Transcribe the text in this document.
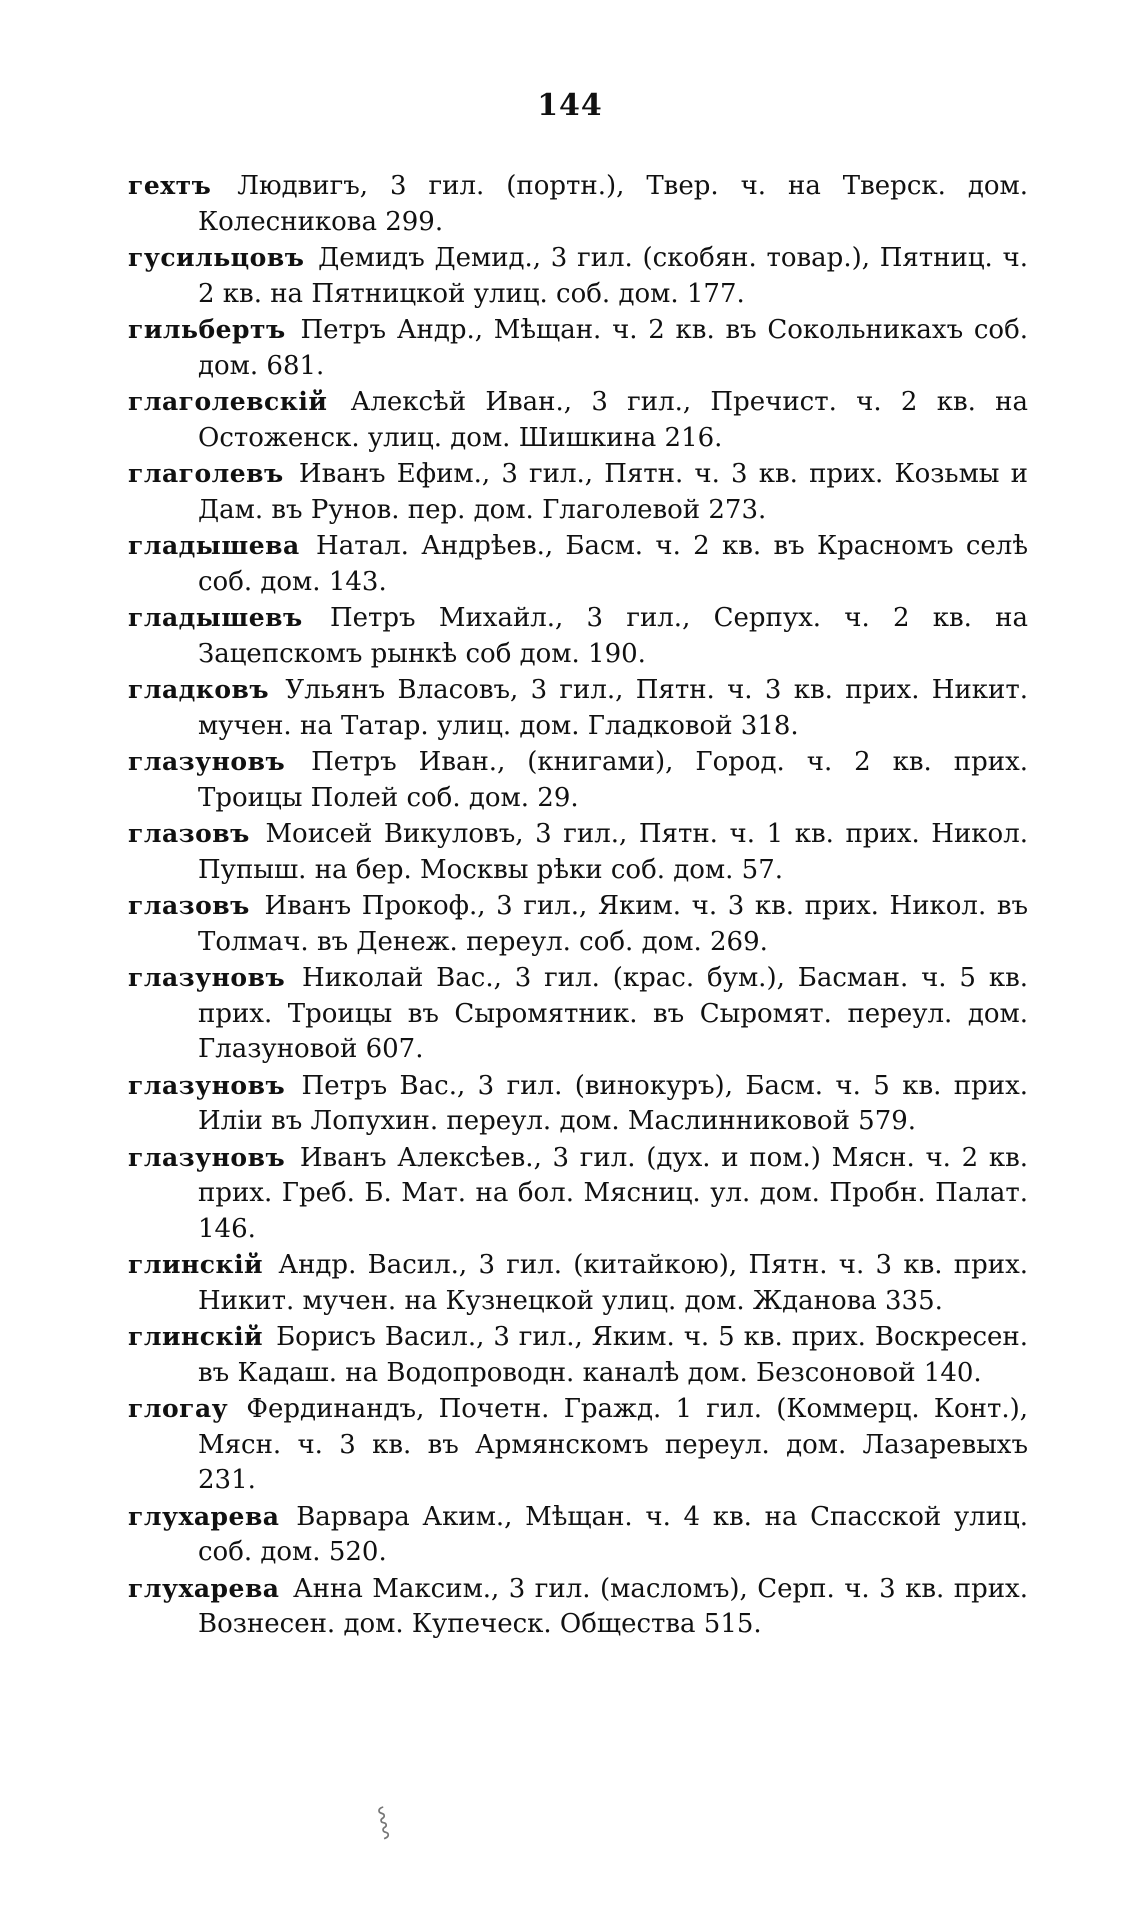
144

гехтъ Людвигъ, 3 гил. (портн.), Твер. ч. на Тверск. дом. Колесникова 299.

гусильцовъ Демидъ Демид., 3 гил. (скобян. товар.), Пятниц. ч. 2 кв. на Пятницкой улиц. соб. дом. 177.

гильбертъ Петръ Андр., Мѣщан. ч. 2 кв. въ Сокольникахъ соб. дом. 681.

глаголевскій Алексѣй Иван., 3 гил., Пречист. ч. 2 кв. на Остоженск. улиц. дом. Шишкина 216.

глаголевъ Иванъ Ефим., 3 гил., Пятн. ч. 3 кв. прих. Козьмы и Дам. въ Рунов. пер. дом. Глаголевой 273.

гладышева Натал. Андрѣев., Басм. ч. 2 кв. въ Красномъ селѣ соб. дом. 143.

гладышевъ Петръ Михайл., 3 гил., Серпух. ч. 2 кв. на Зацепскомъ рынкѣ соб дом. 190.

гладковъ Ульянъ Власовъ, 3 гил., Пятн. ч. 3 кв. прих. Никит. мучен. на Татар. улиц. дом. Гладковой 318.

глазуновъ Петръ Иван., (книгами), Город. ч. 2 кв. прих. Троицы Полей соб. дом. 29.

глазовъ Моисей Викуловъ, 3 гил., Пятн. ч. 1 кв. прих. Никол. Пупыш. на бер. Москвы рѣки соб. дом. 57.

глазовъ Иванъ Прокоф., 3 гил., Яким. ч. 3 кв. прих. Никол. въ Толмач. въ Денеж. переул. соб. дом. 269.

глазуновъ Николай Вас., 3 гил. (крас. бум.), Басман. ч. 5 кв. прих. Троицы въ Сыромятник. въ Сыромят. переул. дом. Глазуновой 607.

глазуновъ Петръ Вас., 3 гил. (винокуръ), Басм. ч. 5 кв. прих. Иліи въ Лопухин. переул. дом. Маслинниковой 579.

глазуновъ Иванъ Алексѣев., 3 гил. (дух. и пом.) Мясн. ч. 2 кв. прих. Греб. Б. Мат. на бол. Мясниц. ул. дом. Пробн. Палат. 146.

глинскій Андр. Васил., 3 гил. (китайкою), Пятн. ч. 3 кв. прих. Никит. мучен. на Кузнецкой улиц. дом. Жданова 335.

глинскій Борисъ Васил., 3 гил., Яким. ч. 5 кв. прих. Воскресен. въ Кадаш. на Водопроводн. каналѣ дом. Безсоновой 140.

глогау Фердинандъ, Почетн. Гражд. 1 гил. (Коммерц. Конт.), Мясн. ч. 3 кв. въ Армянскомъ переул. дом. Лазаревыхъ 231.

глухарева Варвара Аким., Мѣщан. ч. 4 кв. на Спасской улиц. соб. дом. 520.

глухарева Анна Максим., 3 гил. (масломъ), Серп. ч. 3 кв. прих. Вознесен. дом. Купеческ. Общества 515.

⸾
